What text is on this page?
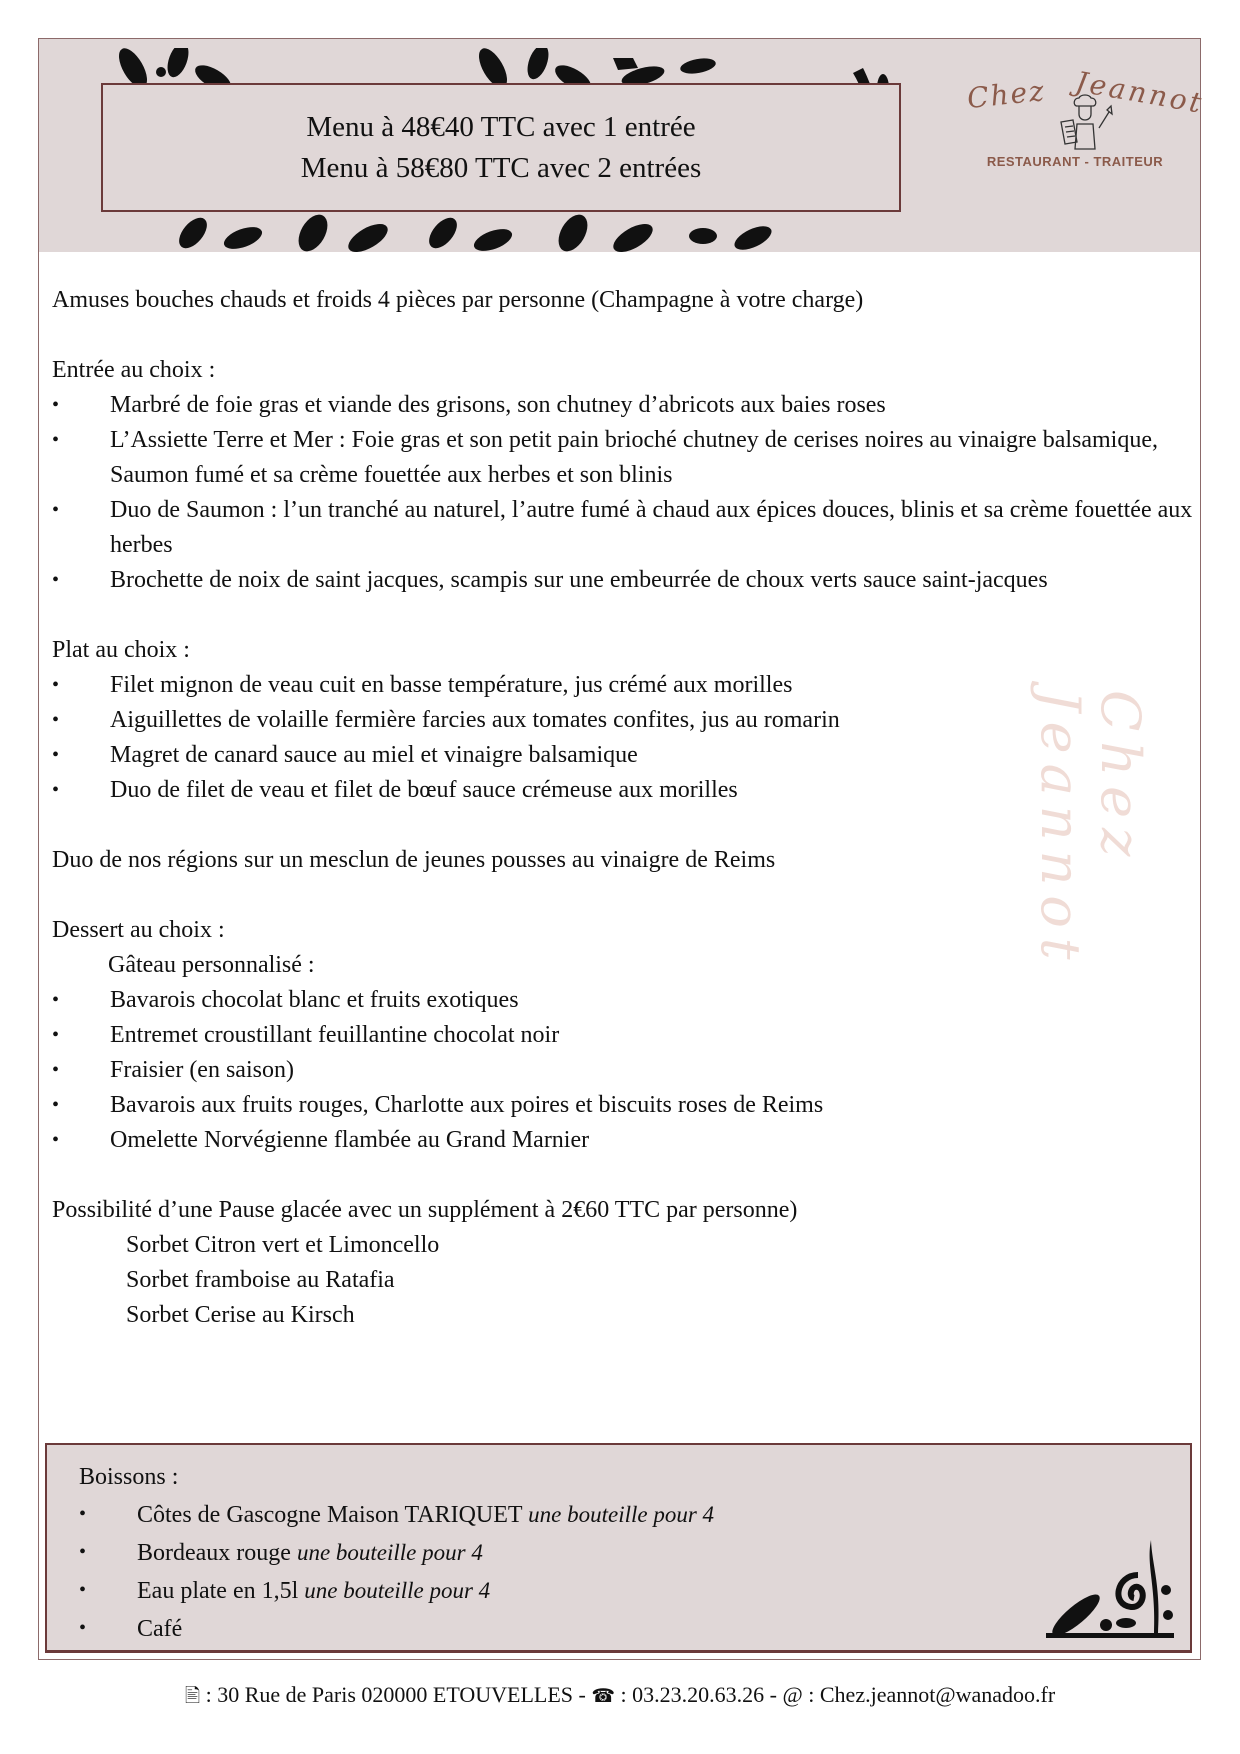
Menu à 48€40 TTC avec 1 entrée
Menu à 58€80 TTC avec 2 entrées
Chez Jeannot
RESTAURANT - TRAITEUR
Chez Jeannot

Amuses bouches chauds et froids 4 pièces par personne (Champagne à votre charge)

Entrée au choix :

• Marbré de foie gras et viande des grisons, son chutney d’abricots aux baies roses

• L’Assiette Terre et Mer : Foie gras et son petit pain brioché chutney de cerises noires au vinaigre balsamique, Saumon fumé et sa crème fouettée aux herbes et son blinis

• Duo de Saumon : l’un tranché au naturel, l’autre fumé à chaud aux épices douces, blinis et sa crème fouettée aux herbes

• Brochette de noix de saint jacques, scampis sur une embeurrée de choux verts sauce saint-jacques

Plat au choix :

• Filet mignon de veau cuit en basse température, jus crémé aux morilles

• Aiguillettes de volaille fermière farcies aux tomates confites, jus au romarin

• Magret de canard sauce au miel et vinaigre balsamique

• Duo de filet de veau et filet de bœuf sauce crémeuse aux morilles

Duo de nos régions sur un mesclun de jeunes pousses au vinaigre de Reims

Dessert au choix :

Gâteau personnalisé :

• Bavarois chocolat blanc et fruits exotiques

• Entremet croustillant feuillantine chocolat noir

• Fraisier (en saison)

• Bavarois aux fruits rouges, Charlotte aux poires et biscuits roses de Reims

• Omelette Norvégienne flambée au Grand Marnier

Possibilité d’une Pause glacée avec un supplément à 2€60 TTC par personne)

Sorbet Citron vert et Limoncello

Sorbet framboise au Ratafia

Sorbet Cerise au Kirsch

Boissons :

• Côtes de Gascogne Maison TARIQUET une bouteille pour 4

• Bordeaux rouge une bouteille pour 4

• Eau plate en 1,5l une bouteille pour 4

• Café

🖹 : 30 Rue de Paris 020000 ETOUVELLES - ☎ : 03.23.20.63.26 - @ : Chez.jeannot@wanadoo.fr
